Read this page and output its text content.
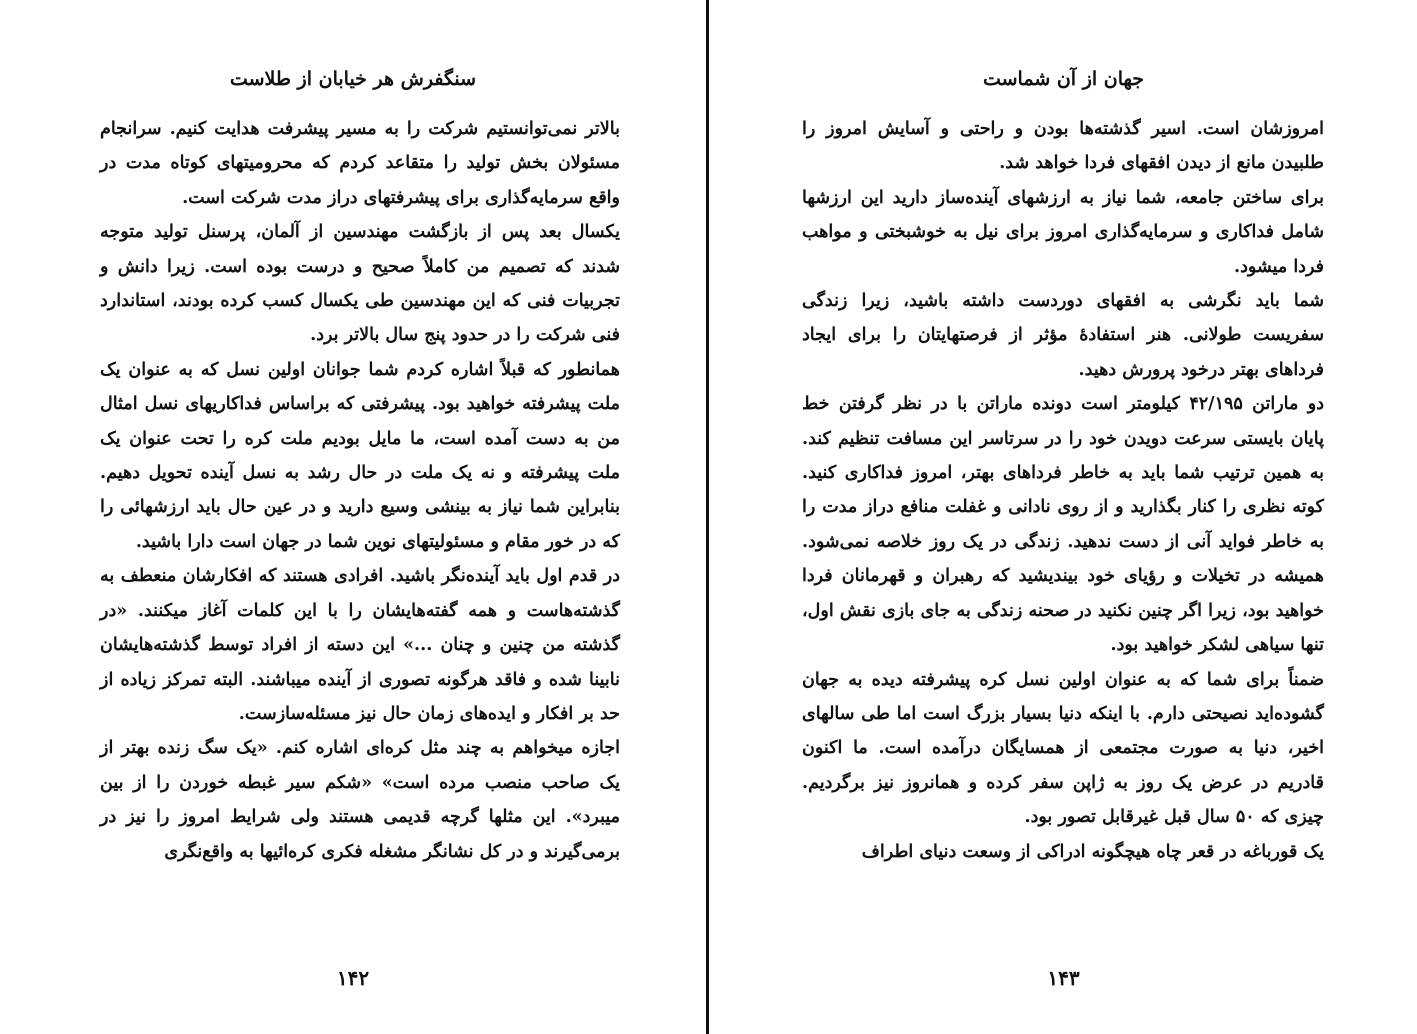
سنگفرش هر خیابان از طلاست

بالاتر نمی‌توانستیم شرکت را به مسیر پیشرفت هدایت کنیم. سرانجام مسئولان بخش تولید را متقاعد کردم که محرومیتهای کوتاه مدت در واقع سرمایه‌گذاری برای پیشرفتهای دراز مدت شرکت است.

یکسال بعد پس از بازگشت مهندسین از آلمان، پرسنل تولید متوجه شدند که تصمیم من کاملاً صحیح و درست بوده است. زیرا دانش و تجربیات فنی که این مهندسین طی یکسال کسب کرده بودند، استاندارد فنی شرکت را در حدود پنج سال بالاتر برد.

همانطور که قبلاً اشاره کردم شما جوانان اولین نسل که به عنوان یک ملت پیشرفته خواهید بود. پیشرفتی که براساس فداکاریهای نسل امثال من به دست آمده است، ما مایل بودیم ملت کره را تحت عنوان یک ملت پیشرفته و نه یک ملت در حال رشد به نسل آینده تحویل دهیم. بنابراین شما نیاز به بینشی وسیع دارید و در عین حال باید ارزشهائی را که در خور مقام و مسئولیتهای نوین شما در جهان است دارا باشید.

در قدم اول باید آینده‌نگر باشید. افرادی هستند که افکارشان منعطف به گذشته‌هاست و همه گفته‌هایشان را با این کلمات آغاز میکنند. «در گذشته من چنین و چنان ...» این دسته از افراد توسط گذشته‌هایشان نابینا شده و فاقد هرگونه تصوری از آینده میباشند. البته تمرکز زیاده از حد بر افکار و ایده‌های زمان حال نیز مسئله‌سازست.

اجازه میخواهم به چند مثل کره‌ای اشاره کنم. «یک سگ زنده بهتر از یک صاحب منصب مرده است» «شکم سیر غبطه خوردن را از بین میبرد». این مثلها گرچه قدیمی هستند ولی شرایط امروز را نیز در برمی‌گیرند و در کل نشانگر مشغله فکری کره‌ائیها به واقع‌نگری

۱۴۲
جهان از آن شماست

امروزشان است. اسیر گذشته‌ها بودن و راحتی و آسایش امروز را طلبیدن مانع از دیدن افقهای فردا خواهد شد.

برای ساختن جامعه، شما نیاز به ارزشهای آینده‌ساز دارید این ارزشها شامل فداکاری و سرمایه‌گذاری امروز برای نیل به خوشبختی و مواهب فردا میشود.

شما باید نگرشی به افقهای دوردست داشته باشید، زیرا زندگی سفریست طولانی. هنر استفادهٔ مؤثر از فرصتهایتان را برای ایجاد فرداهای بهتر درخود پرورش دهید.

دو ماراتن ۴۲/۱۹۵ کیلومتر است دونده ماراتن با در نظر گرفتن خط پایان بایستی سرعت دویدن خود را در سرتاسر این مسافت تنظیم کند. به همین ترتیب شما باید به خاطر فرداهای بهتر، امروز فداکاری کنید. کوته نظری را کنار بگذارید و از روی نادانی و غفلت منافع دراز مدت را به خاطر فواید آنی از دست ندهید. زندگی در یک روز خلاصه نمی‌شود. همیشه در تخیلات و رؤیای خود بیندیشید که رهبران و قهرمانان فردا خواهید بود، زیرا اگر چنین نکنید در صحنه زندگی به جای بازی نقش اول، تنها سیاهی لشکر خواهید بود.

ضمناً برای شما که به عنوان اولین نسل کره پیشرفته دیده به جهان گشوده‌اید نصیحتی دارم. با اینکه دنیا بسیار بزرگ است اما طی سالهای اخیر، دنیا به صورت مجتمعی از همسایگان درآمده است. ما اکنون قادریم در عرض یک روز به ژاپن سفر کرده و همانروز نیز برگردیم. چیزی که ۵۰ سال قبل غیرقابل تصور بود.

یک قورباغه در قعر چاه هیچگونه ادراکی از وسعت دنیای اطراف

۱۴۳
